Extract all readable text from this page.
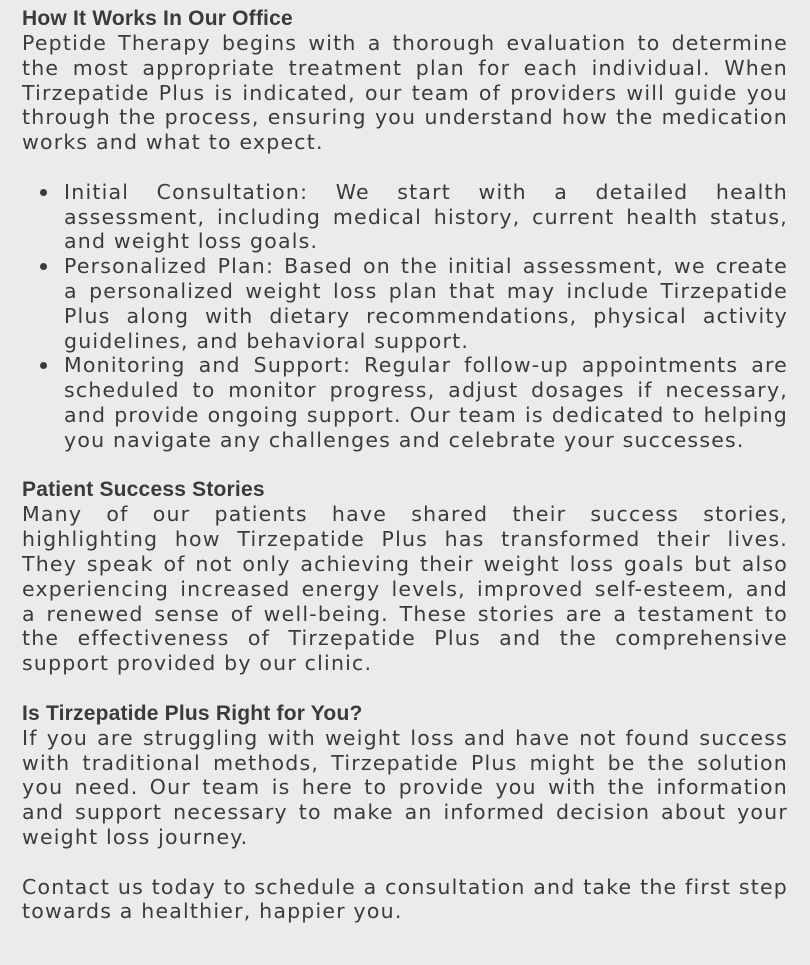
How It Works In Our Office

Peptide Therapy begins with a thorough evaluation to determine the most appropriate treatment plan for each individual. When Tirzepatide Plus is indicated, our team of providers will guide you through the process, ensuring you understand how the medication works and what to expect.

Initial Consultation: We start with a detailed health assessment, including medical history, current health status, and weight loss goals.
Personalized Plan: Based on the initial assessment, we create a personalized weight loss plan that may include Tirzepatide Plus along with dietary recommendations, physical activity guidelines, and behavioral support.
Monitoring and Support: Regular follow-up appointments are scheduled to monitor progress, adjust dosages if necessary, and provide ongoing support. Our team is dedicated to helping you navigate any challenges and celebrate your successes.
Patient Success Stories

Many of our patients have shared their success stories, highlighting how Tirzepatide Plus has transformed their lives. They speak of not only achieving their weight loss goals but also experiencing increased energy levels, improved self-esteem, and a renewed sense of well-being. These stories are a testament to the effectiveness of Tirzepatide Plus and the comprehensive support provided by our clinic.

Is Tirzepatide Plus Right for You?

If you are struggling with weight loss and have not found success with traditional methods, Tirzepatide Plus might be the solution you need. Our team is here to provide you with the information and support necessary to make an informed decision about your weight loss journey.

Contact us today to schedule a consultation and take the first step towards a healthier, happier you.
